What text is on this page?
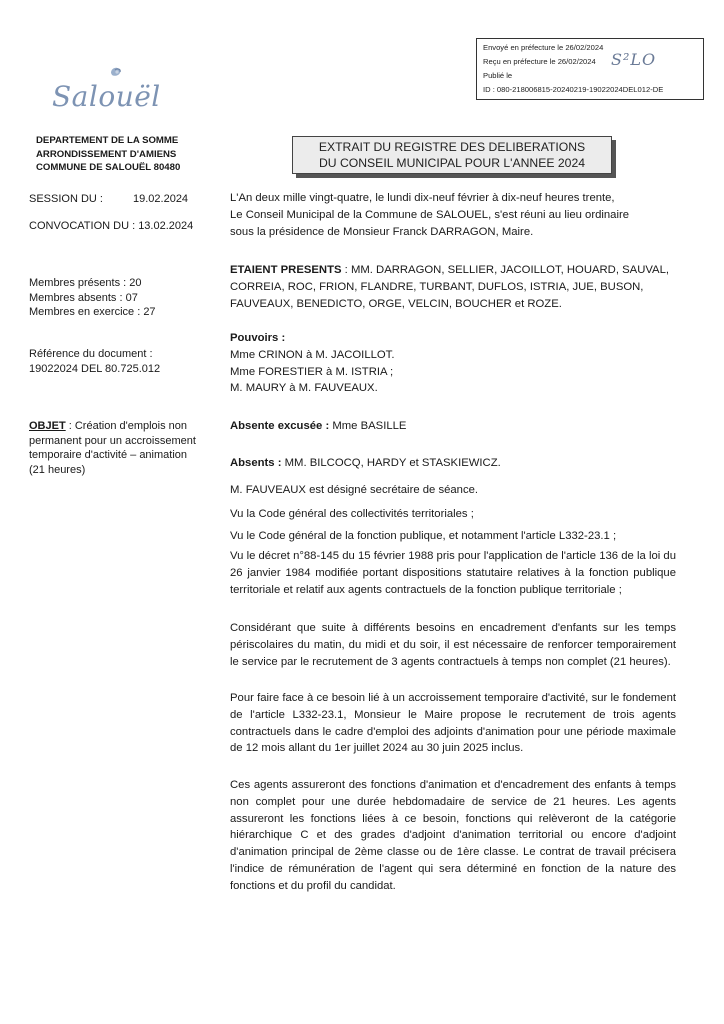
Envoyé en préfecture le 26/02/2024
Reçu en préfecture le 26/02/2024
Publié le
ID : 080-218006815-20240219-19022024DEL012-DE
S²LO
Salouël
DEPARTEMENT DE LA SOMME
ARRONDISSEMENT D'AMIENS
COMMUNE DE SALOUËL 80480
EXTRAIT DU REGISTRE DES DELIBERATIONS
DU CONSEIL MUNICIPAL POUR L'ANNEE 2024
SESSION DU :	19.02.2024
CONVOCATION DU : 13.02.2024
Membres présents : 20
Membres absents : 07
Membres en exercice : 27
Référence du document :
19022024 DEL 80.725.012
OBJET : Création d'emplois non permanent pour un accroissement temporaire d'activité – animation (21 heures)
L'An deux mille vingt-quatre, le lundi dix-neuf février à dix-neuf heures trente,
Le Conseil Municipal de la Commune de SALOUEL, s'est réuni au lieu ordinaire
sous la présidence de Monsieur Franck DARRAGON, Maire.
ETAIENT PRESENTS : MM. DARRAGON, SELLIER, JACOILLOT, HOUARD, SAUVAL,
CORREIA, ROC, FRION, FLANDRE, TURBANT, DUFLOS, ISTRIA, JUE, BUSON,
FAUVEAUX, BENEDICTO, ORGE, VELCIN, BOUCHER et ROZE.
Pouvoirs :
Mme CRINON à M. JACOILLOT.
Mme FORESTIER à M. ISTRIA ;
M. MAURY à M. FAUVEAUX.
Absente excusée : Mme BASILLE
Absents : MM. BILCOCQ, HARDY et STASKIEWICZ.
M. FAUVEAUX est désigné secrétaire de séance.
Vu la Code général des collectivités territoriales ;
Vu le Code général de la fonction publique, et notamment l'article L332-23.1 ;
Vu le décret n°88-145 du 15 février 1988 pris pour l'application de l'article 136 de la loi du 26 janvier 1984 modifiée portant dispositions statutaire relatives à la fonction publique territoriale et relatif aux agents contractuels de la fonction publique territoriale ;
Considérant que suite à différents besoins en encadrement d'enfants sur les temps périscolaires du matin, du midi et du soir, il est nécessaire de renforcer temporairement le service par le recrutement de 3 agents contractuels à temps non complet (21 heures).
Pour faire face à ce besoin lié à un accroissement temporaire d'activité, sur le fondement de l'article L332-23.1, Monsieur le Maire propose le recrutement de trois agents contractuels dans le cadre d'emploi des adjoints d'animation pour une période maximale de 12 mois allant du 1er juillet 2024 au 30 juin 2025 inclus.
Ces agents assureront des fonctions d'animation et d'encadrement des enfants à temps non complet pour une durée hebdomadaire de service de 21 heures. Les agents assureront les fonctions liées à ce besoin, fonctions qui relèveront de la catégorie hiérarchique C et des grades d'adjoint d'animation territorial ou encore d'adjoint d'animation principal de 2ème classe ou de 1ère classe. Le contrat de travail précisera l'indice de rémunération de l'agent qui sera déterminé en fonction de la nature des fonctions et du profil du candidat.
